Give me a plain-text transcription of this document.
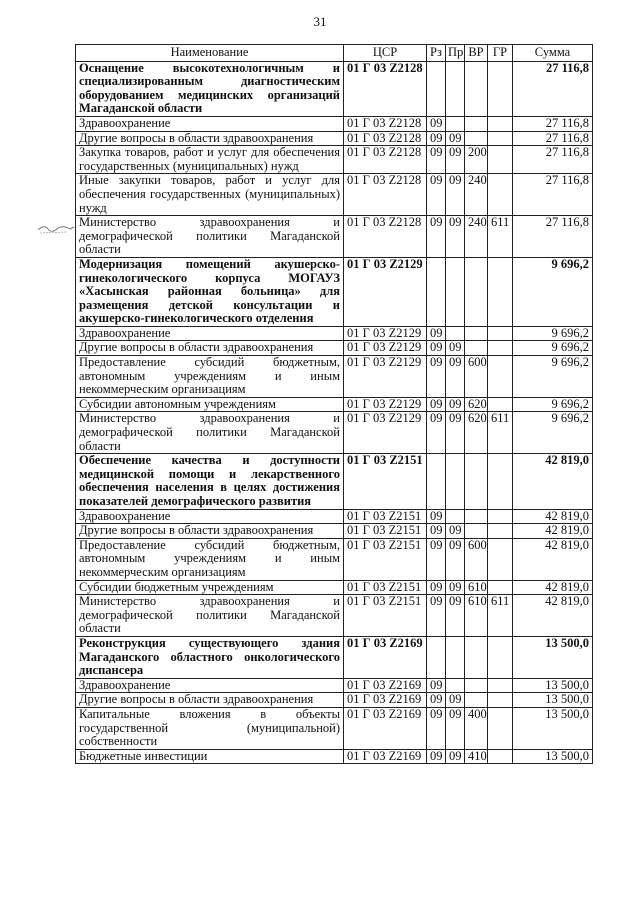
31
Наименование	ЦСР	Рз	Пр	ВР	ГР	Сумма
Оснащение высокотехнологичным и специализированным диагностическим оборудованием медицинских организаций Магаданской области	01 Г 03 Z2128					27 116,8
Здравоохранение	01 Г 03 Z2128	09				27 116,8
Другие вопросы в области здравоохранения	01 Г 03 Z2128	09	09			27 116,8
Закупка товаров, работ и услуг для обеспечения государственных (муниципальных) нужд	01 Г 03 Z2128	09	09	200		27 116,8
Иные закупки товаров, работ и услуг для обеспечения государственных (муниципальных) нужд	01 Г 03 Z2128	09	09	240		27 116,8
Министерство здравоохранения и демографической политики Магаданской области	01 Г 03 Z2128	09	09	240	611	27 116,8
Модернизация помещений акушерско-гинекологического корпуса МОГАУЗ «Хасынская районная больница» для размещения детской консультации и акушерско-гинекологического отделения	01 Г 03 Z2129					9 696,2
Здравоохранение	01 Г 03 Z2129	09				9 696,2
Другие вопросы в области здравоохранения	01 Г 03 Z2129	09	09			9 696,2
Предоставление субсидий бюджетным, автономным учреждениям и иным некоммерческим организациям	01 Г 03 Z2129	09	09	600		9 696,2
Субсидии автономным учреждениям	01 Г 03 Z2129	09	09	620		9 696,2
Министерство здравоохранения и демографической политики Магаданской области	01 Г 03 Z2129	09	09	620	611	9 696,2
Обеспечение качества и доступности медицинской помощи и лекарственного обеспечения населения в целях достижения показателей демографического развития	01 Г 03 Z2151					42 819,0
Здравоохранение	01 Г 03 Z2151	09				42 819,0
Другие вопросы в области здравоохранения	01 Г 03 Z2151	09	09			42 819,0
Предоставление субсидий бюджетным, автономным учреждениям и иным некоммерческим организациям	01 Г 03 Z2151	09	09	600		42 819,0
Субсидии бюджетным учреждениям	01 Г 03 Z2151	09	09	610		42 819,0
Министерство здравоохранения и демографической политики Магаданской области	01 Г 03 Z2151	09	09	610	611	42 819,0
Реконструкция существующего здания Магаданского областного онкологического диспансера	01 Г 03 Z2169					13 500,0
Здравоохранение	01 Г 03 Z2169	09				13 500,0
Другие вопросы в области здравоохранения	01 Г 03 Z2169	09	09			13 500,0
Капитальные вложения в объекты государственной (муниципальной) собственности	01 Г 03 Z2169	09	09	400		13 500,0
Бюджетные инвестиции	01 Г 03 Z2169	09	09	410		13 500,0
